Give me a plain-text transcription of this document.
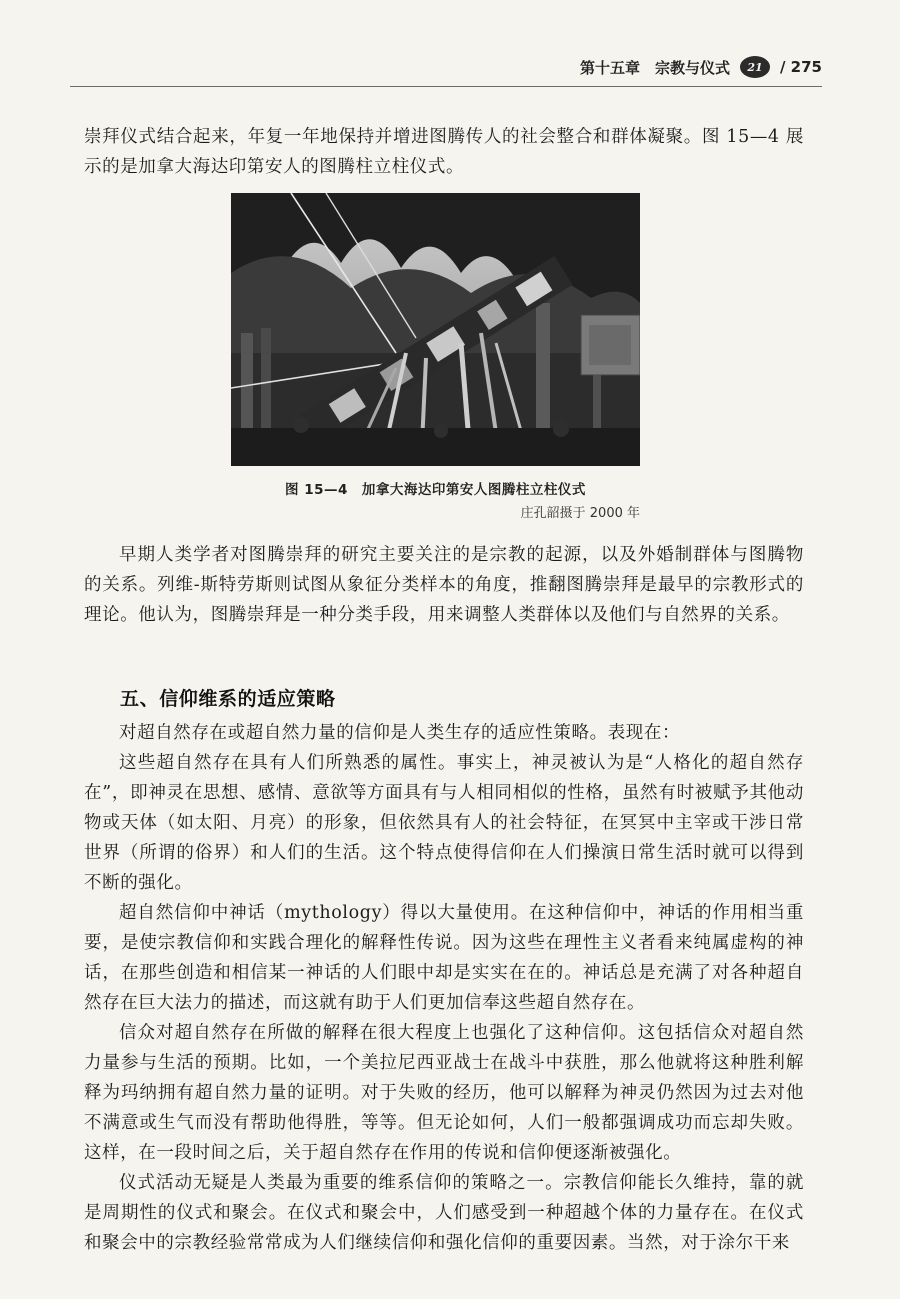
第十五章　宗教与仪式	21	/ 275
崇拜仪式结合起来，年复一年地保持并增进图腾传人的社会整合和群体凝聚。图 15—4 展示的是加拿大海达印第安人的图腾柱立柱仪式。
图 15—4　加拿大海达印第安人图腾柱立柱仪式
庄孔韶摄于 2000 年
早期人类学者对图腾崇拜的研究主要关注的是宗教的起源，以及外婚制群体与图腾物的关系。列维-斯特劳斯则试图从象征分类样本的角度，推翻图腾崇拜是最早的宗教形式的理论。他认为，图腾崇拜是一种分类手段，用来调整人类群体以及他们与自然界的关系。
五、信仰维系的适应策略

对超自然存在或超自然力量的信仰是人类生存的适应性策略。表现在：

这些超自然存在具有人们所熟悉的属性。事实上，神灵被认为是“人格化的超自然存在”，即神灵在思想、感情、意欲等方面具有与人相同相似的性格，虽然有时被赋予其他动物或天体（如太阳、月亮）的形象，但依然具有人的社会特征，在冥冥中主宰或干涉日常世界（所谓的俗界）和人们的生活。这个特点使得信仰在人们操演日常生活时就可以得到不断的强化。

超自然信仰中神话（mythology）得以大量使用。在这种信仰中，神话的作用相当重要，是使宗教信仰和实践合理化的解释性传说。因为这些在理性主义者看来纯属虚构的神话，在那些创造和相信某一神话的人们眼中却是实实在在的。神话总是充满了对各种超自然存在巨大法力的描述，而这就有助于人们更加信奉这些超自然存在。

信众对超自然存在所做的解释在很大程度上也强化了这种信仰。这包括信众对超自然力量参与生活的预期。比如，一个美拉尼西亚战士在战斗中获胜，那么他就将这种胜利解释为玛纳拥有超自然力量的证明。对于失败的经历，他可以解释为神灵仍然因为过去对他不满意或生气而没有帮助他得胜，等等。但无论如何，人们一般都强调成功而忘却失败。这样，在一段时间之后，关于超自然存在作用的传说和信仰便逐渐被强化。

仪式活动无疑是人类最为重要的维系信仰的策略之一。宗教信仰能长久维持，靠的就是周期性的仪式和聚会。在仪式和聚会中，人们感受到一种超越个体的力量存在。在仪式和聚会中的宗教经验常常成为人们继续信仰和强化信仰的重要因素。当然，对于涂尔干来
